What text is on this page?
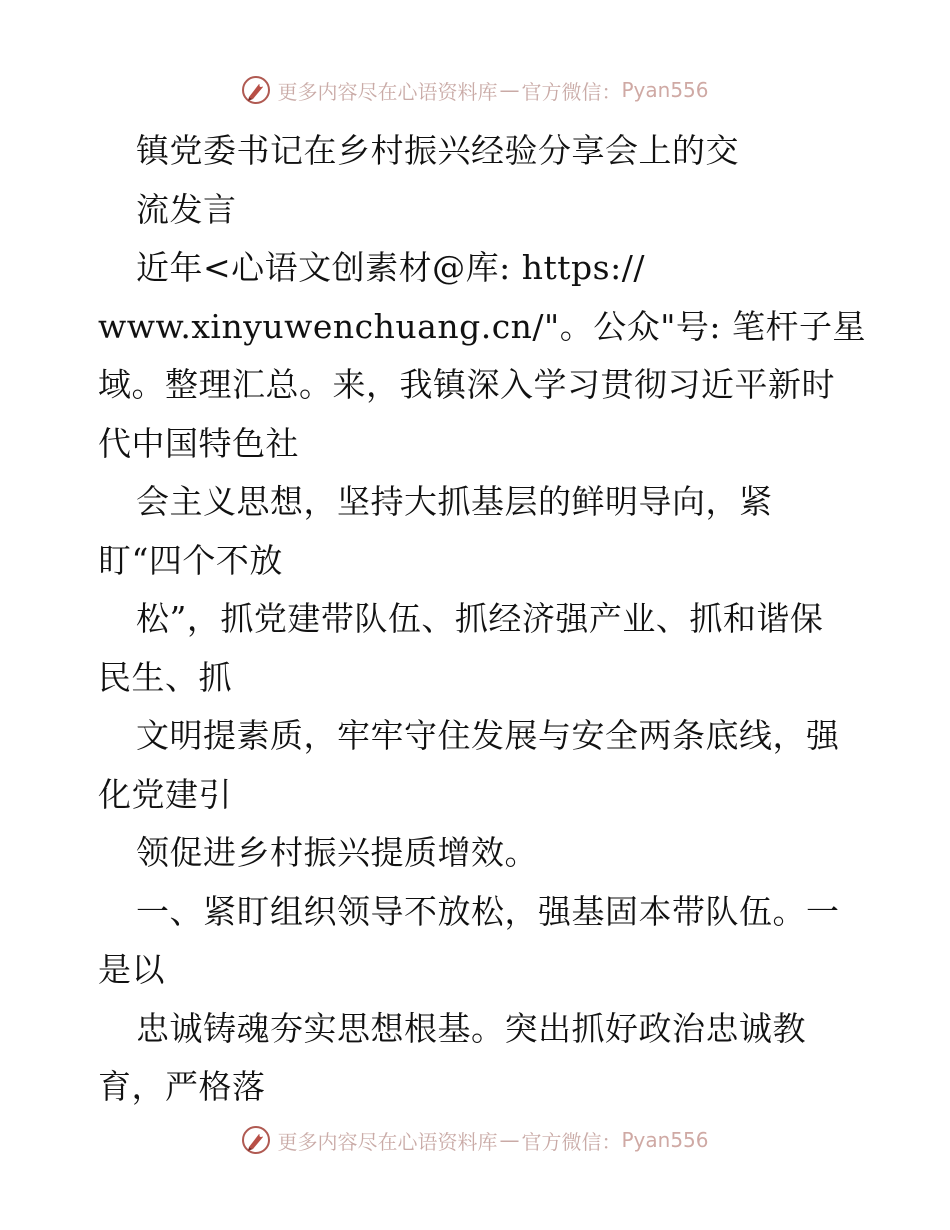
更多内容尽在心语资料库 — 官方微信： Pyan556
镇党委书记在乡村振兴经验分享会上的交
流发言
近年<心语文创素材@库: https://
www.xinyuwenchuang.cn/"。公众"号: 笔杆子星
域。整理汇总。来，我镇深入学习贯彻习近平新时
代中国特色社
会主义思想，坚持大抓基层的鲜明导向，紧
盯“四个不放
松”，抓党建带队伍、抓经济强产业、抓和谐保
民生、抓
文明提素质，牢牢守住发展与安全两条底线，强
化党建引
领促进乡村振兴提质增效。
一、紧盯组织领导不放松，强基固本带队伍。一
是以
忠诚铸魂夯实思想根基。突出抓好政治忠诚教
育，严格落
更多内容尽在心语资料库 — 官方微信： Pyan556
